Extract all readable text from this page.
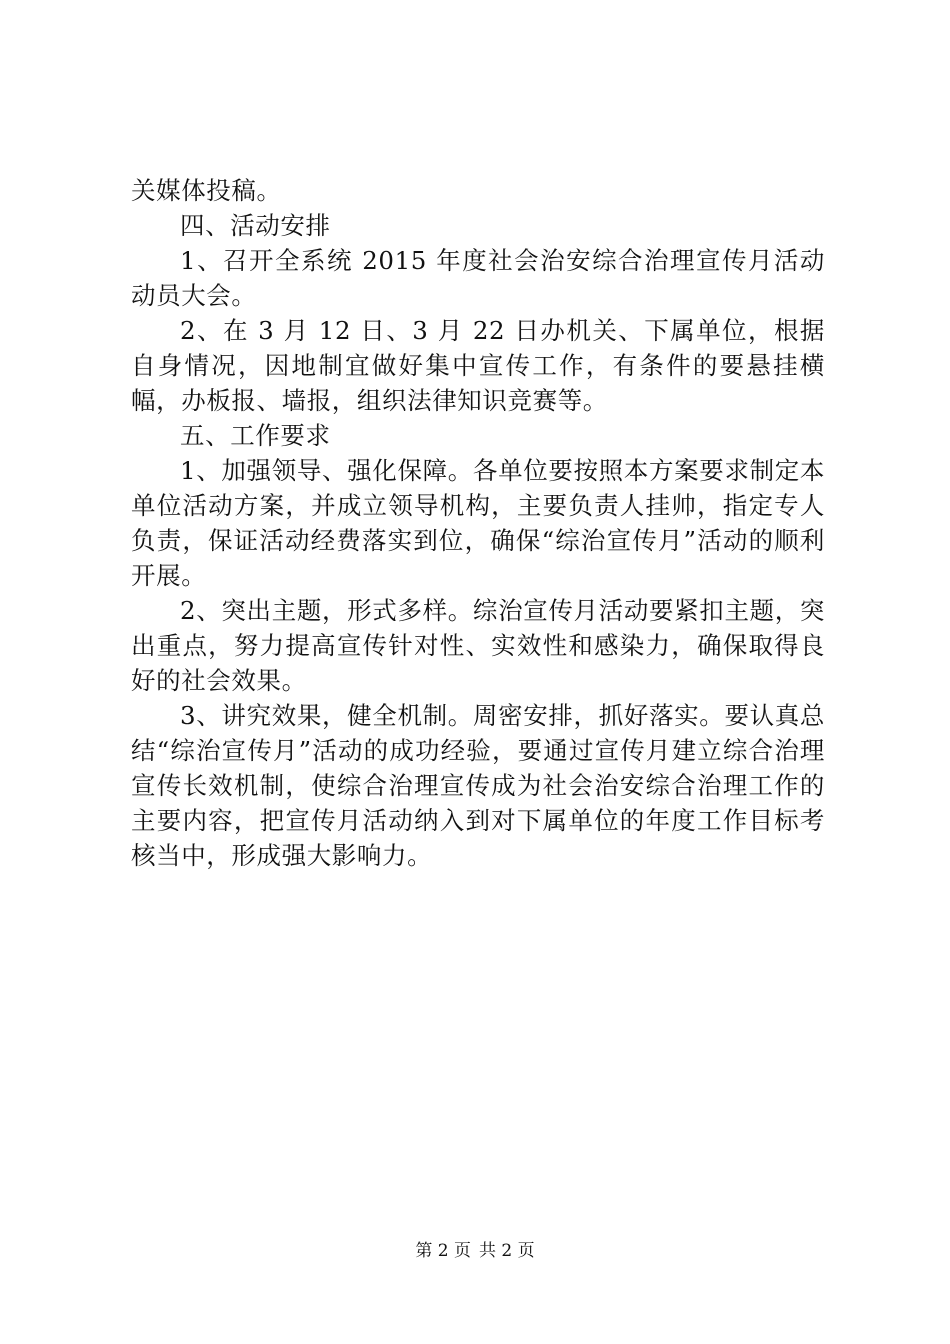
关媒体投稿。

四、活动安排

1、召开全系统 2015 年度社会治安综合治理宣传月活动动员大会。

2、在 3 月 12 日、3 月 22 日办机关、下属单位，根据自身情况，因地制宜做好集中宣传工作，有条件的要悬挂横幅，办板报、墙报，组织法律知识竞赛等。

五、工作要求

1、加强领导、强化保障。各单位要按照本方案要求制定本单位活动方案，并成立领导机构，主要负责人挂帅，指定专人负责，保证活动经费落实到位，确保“综治宣传月”活动的顺利开展。

2、突出主题，形式多样。综治宣传月活动要紧扣主题，突出重点，努力提高宣传针对性、实效性和感染力，确保取得良好的社会效果。

3、讲究效果，健全机制。周密安排，抓好落实。要认真总结“综治宣传月”活动的成功经验，要通过宣传月建立综合治理宣传长效机制，使综合治理宣传成为社会治安综合治理工作的主要内容，把宣传月活动纳入到对下属单位的年度工作目标考核当中，形成强大影响力。

第 2 页 共 2 页
